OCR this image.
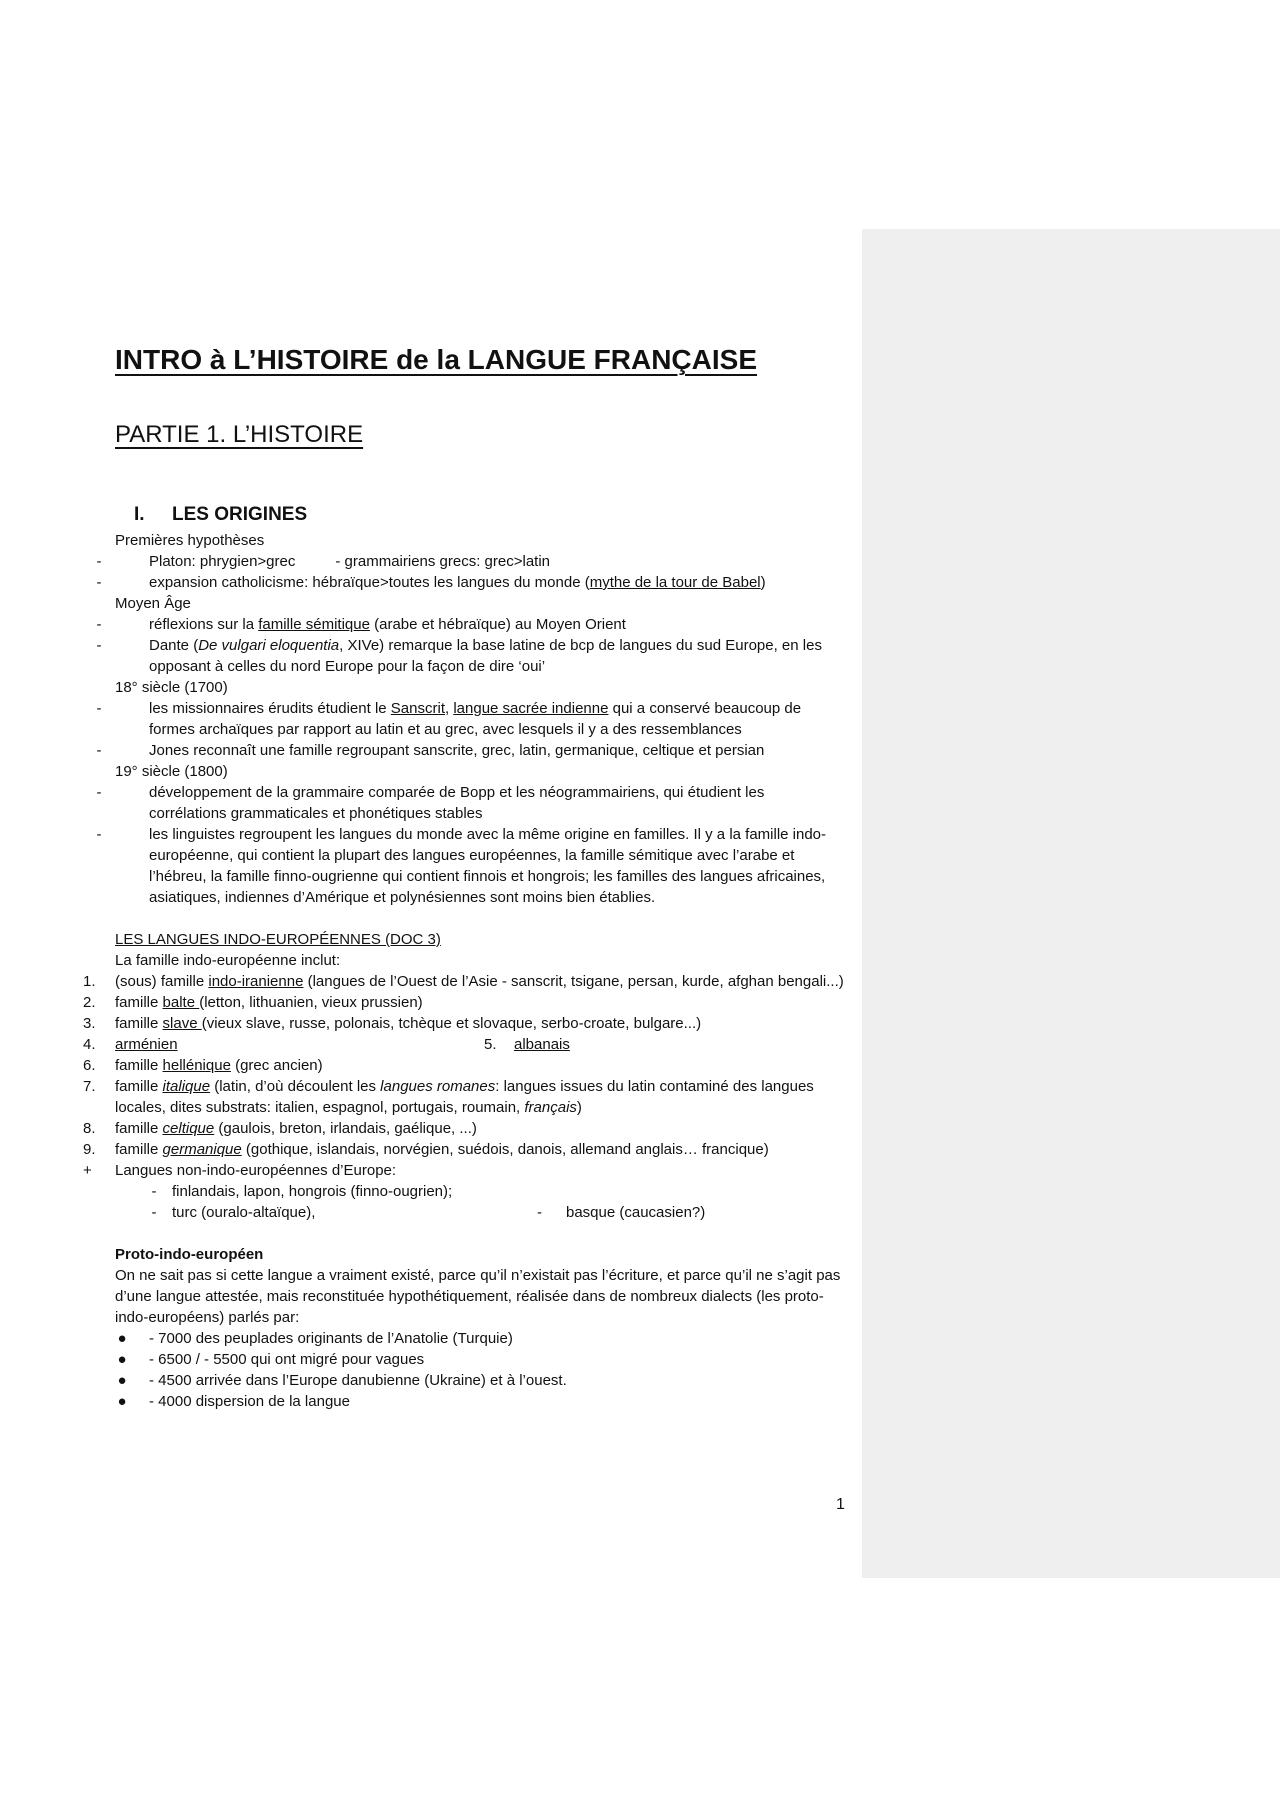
INTRO à L’HISTOIRE de la LANGUE FRANÇAISE
PARTIE 1. L’HISTOIRE
I. LES ORIGINES

Premières hypothèses

-	Platon: phrygien>grec	- grammairiens grecs: grec>latin
-	expansion catholicisme: hébraïque>toutes les langues du monde (mythe de la tour de Babel)

Moyen Âge

-	réflexions sur la famille sémitique (arabe et hébraïque) au Moyen Orient
-	Dante (De vulgari eloquentia, XIVe) remarque la base latine de bcp de langues du sud Europe, en les opposant à celles du nord Europe pour la façon de dire ‘oui’

18° siècle (1700)

-	les missionnaires érudits étudient le Sanscrit, langue sacrée indienne qui a conservé beaucoup de formes archaïques par rapport au latin et au grec, avec lesquels il y a des ressemblances
-	Jones reconnaît une famille regroupant sanscrite, grec, latin, germanique, celtique et persian

19° siècle (1800)

-	développement de la grammaire comparée de Bopp et les néogrammairiens, qui étudient les corrélations grammaticales et phonétiques stables
-	les linguistes regroupent les langues du monde avec la même origine en familles. Il y a la famille indo-européenne, qui contient la plupart des langues européennes, la famille sémitique avec l’arabe et l’hébreu, la famille finno-ougrienne qui contient finnois et hongrois; les familles des langues africaines, asiatiques, indiennes d’Amérique et polynésiennes sont moins bien établies.

LES LANGUES INDO-EUROPÉENNES (DOC 3)

La famille indo-européenne inclut:

1.	(sous) famille indo-iranienne (langues de l’Ouest de l’Asie - sanscrit, tsigane, persan, kurde, afghan bengali...)
2.	famille balte (letton, lithuanien, vieux prussien)
3.	famille slave (vieux slave, russe, polonais, tchèque et slovaque, serbo-croate, bulgare...)
4.	arménien	5. albanais
6.	famille hellénique (grec ancien)
7.	famille italique (latin, d’où découlent les langues romanes: langues issues du latin contaminé des langues locales, dites substrats: italien, espagnol, portugais, roumain, français)
8.	famille celtique (gaulois, breton, irlandais, gaélique, ...)
9.	famille germanique (gothique, islandais, norvégien, suédois, danois, allemand anglais… francique)
+	Langues non-indo-européennes d’Europe:
-	finlandais, lapon, hongrois (finno-ougrien);
-	turc (ouralo-altaïque),	- basque (caucasien?)

Proto-indo-européen

On ne sait pas si cette langue a vraiment existé, parce qu’il n’existait pas l’écriture, et parce qu’il ne s’agit pas d’une langue attestée, mais reconstituée hypothétiquement, réalisée dans de nombreux dialects (les proto-indo-européens) parlés par:

●	- 7000 des peuplades originants de l’Anatolie (Turquie)
●	- 6500 / - 5500 qui ont migré pour vagues
●	- 4500 arrivée dans l’Europe danubienne (Ukraine) et à l’ouest.
●	- 4000 dispersion de la langue
1
